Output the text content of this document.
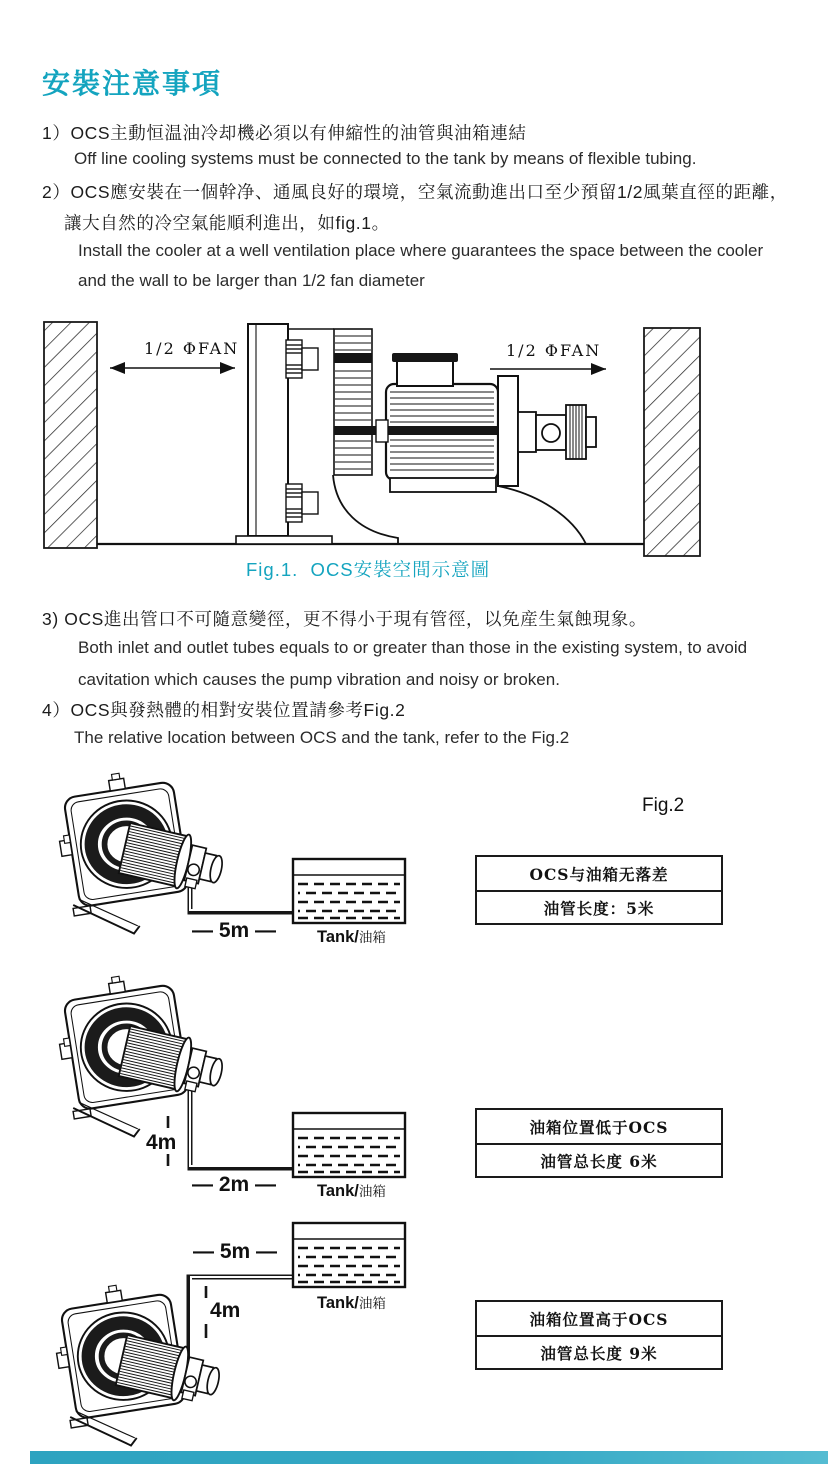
安裝注意事項
1）OCS主動恒温油冷却機必須以有伸縮性的油管與油箱連結
Off line cooling systems must be connected to the tank by means of flexible tubing.
2）OCS應安裝在一個幹净、通風良好的環境，空氣流動進出口至少預留1/2風葉直徑的距離，
讓大自然的冷空氣能順利進出，如fig.1。
Install the cooler at a well ventilation place where guarantees the space between the cooler
and the wall to be larger than 1/2 fan diameter
1/2 ΦFAN	1/2 ΦFAN
Fig.1.  OCS安裝空間示意圖
3) OCS進出管口不可隨意變徑，更不得小于現有管徑，以免産生氣蝕現象。
Both inlet and outlet tubes equals to or greater than those in the existing system, to avoid
cavitation which causes the pump vibration and noisy or broken.
4）OCS與發熱體的相對安裝位置請參考Fig.2
The relative location between OCS and the tank, refer to the Fig.2
Fig.2
— 5m — Tank/油箱
OCS与油箱无落差
油管长度：5米
4m
— 2m — Tank/油箱
油箱位置低于OCS
油管总长度 6米
— 5m —
4m	Tank/油箱
油箱位置高于OCS
油管总长度 9米
